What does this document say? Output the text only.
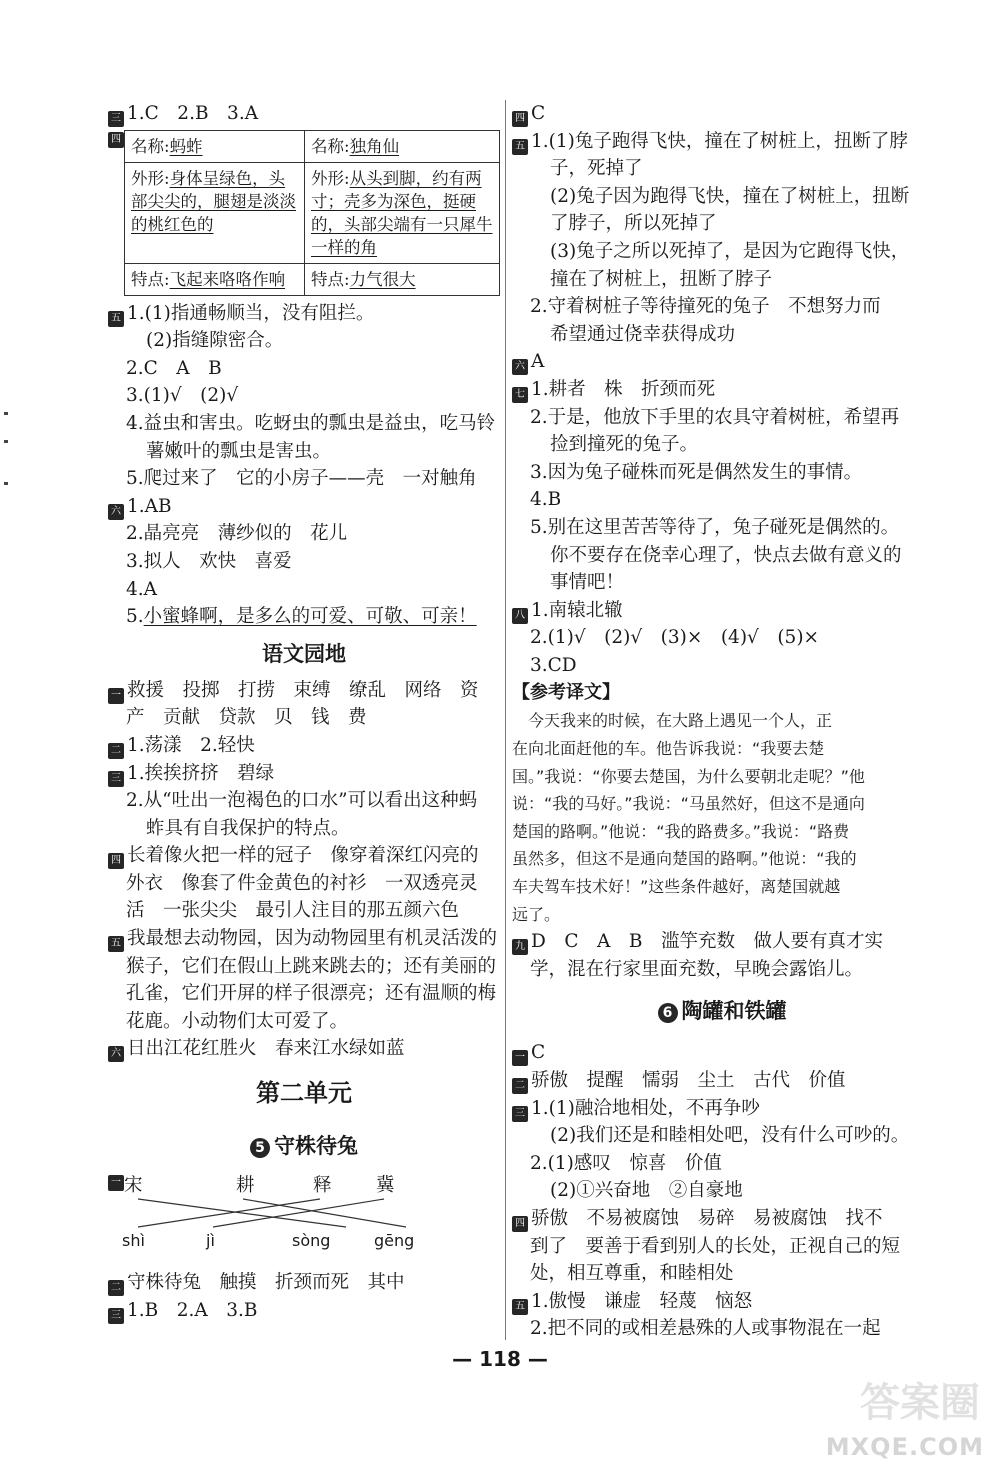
三 1.C　2.B　3.A
四 名称:蚂蚱	名称:独角仙
外形:身体呈绿色，头部尖尖的，腿翅是淡淡的桃红色的	外形:从头到脚，约有两寸；壳多为深色，挺硬的，头部尖端有一只犀牛一样的角
特点:飞起来咯咯作响	特点:力气很大
五 1.(1)指通畅顺当，没有阻拦。
(2)指缝隙密合。
2.C　A　B
3.(1)√　(2)√
4.益虫和害虫。吃蚜虫的瓢虫是益虫，吃马铃
薯嫩叶的瓢虫是害虫。
5.爬过来了　它的小房子——壳　一对触角
六 1.AB
2.晶亮亮　薄纱似的　花儿
3.拟人　欢快　喜爱
4.A
5.小蜜蜂啊，是多么的可爱、可敬、可亲！
语文园地
一 救援　投掷　打捞　束缚　缭乱　网络　资
产　贡献　贷款　贝　钱　费
二 1.荡漾　2.轻快
三 1.挨挨挤挤　碧绿
2.从“吐出一泡褐色的口水”可以看出这种蚂
蚱具有自我保护的特点。
四 长着像火把一样的冠子　像穿着深红闪亮的
外衣　像套了件金黄色的衬衫　一双透亮灵
活　一张尖尖　最引人注目的那五颜六色
五 我最想去动物园，因为动物园里有机灵活泼的
猴子，它们在假山上跳来跳去的；还有美丽的
孔雀，它们开屏的样子很漂亮；还有温顺的梅
花鹿。小动物们太可爱了。
六 日出江花红胜火　春来江水绿如蓝
第二单元
5 守株待兔
一 宋	耕	释 冀
shì	jì	sòng	gēng
二 守株待兔　触摸　折颈而死　其中
三 1.B　2.A　3.B
四 C
五 1.(1)兔子跑得飞快，撞在了树桩上，扭断了脖
子，死掉了
(2)兔子因为跑得飞快，撞在了树桩上，扭断
了脖子，所以死掉了
(3)兔子之所以死掉了，是因为它跑得飞快，
撞在了树桩上，扭断了脖子
2.守着树桩子等待撞死的兔子　不想努力而
希望通过侥幸获得成功
六 A
七 1.耕者　株　折颈而死
2.于是，他放下手里的农具守着树桩，希望再
捡到撞死的兔子。
3.因为兔子碰株而死是偶然发生的事情。
4.B
5.别在这里苦苦等待了，兔子碰死是偶然的。
你不要存在侥幸心理了，快点去做有意义的
事情吧！
八 1.南辕北辙
2.(1)√　(2)√　(3)×　(4)√　(5)×
3.CD
【参考译文】
　今天我来的时候，在大路上遇见一个人，正
在向北面赶他的车。他告诉我说：“我要去楚
国。”我说：“你要去楚国，为什么要朝北走呢？”他
说：“我的马好。”我说：“马虽然好，但这不是通向
楚国的路啊。”他说：“我的路费多。”我说：“路费
虽然多，但这不是通向楚国的路啊。”他说：“我的
车夫驾车技术好！”这些条件越好，离楚国就越
远了。
九 D　C　A　B　滥竽充数　做人要有真才实
学，混在行家里面充数，早晚会露馅儿。
6 陶罐和铁罐
一 C
二 骄傲　提醒　懦弱　尘土　古代　价值
三 1.(1)融洽地相处，不再争吵
(2)我们还是和睦相处吧，没有什么可吵的。
2.(1)感叹　惊喜　价值
(2)①兴奋地　②自豪地
四 骄傲　不易被腐蚀　易碎　易被腐蚀　找不
到了　要善于看到别人的长处，正视自己的短
处，相互尊重，和睦相处
五 1.傲慢　谦虚　轻蔑　恼怒
2.把不同的或相差悬殊的人或事物混在一起
— 118 —
答案圈
MXQE.COM
